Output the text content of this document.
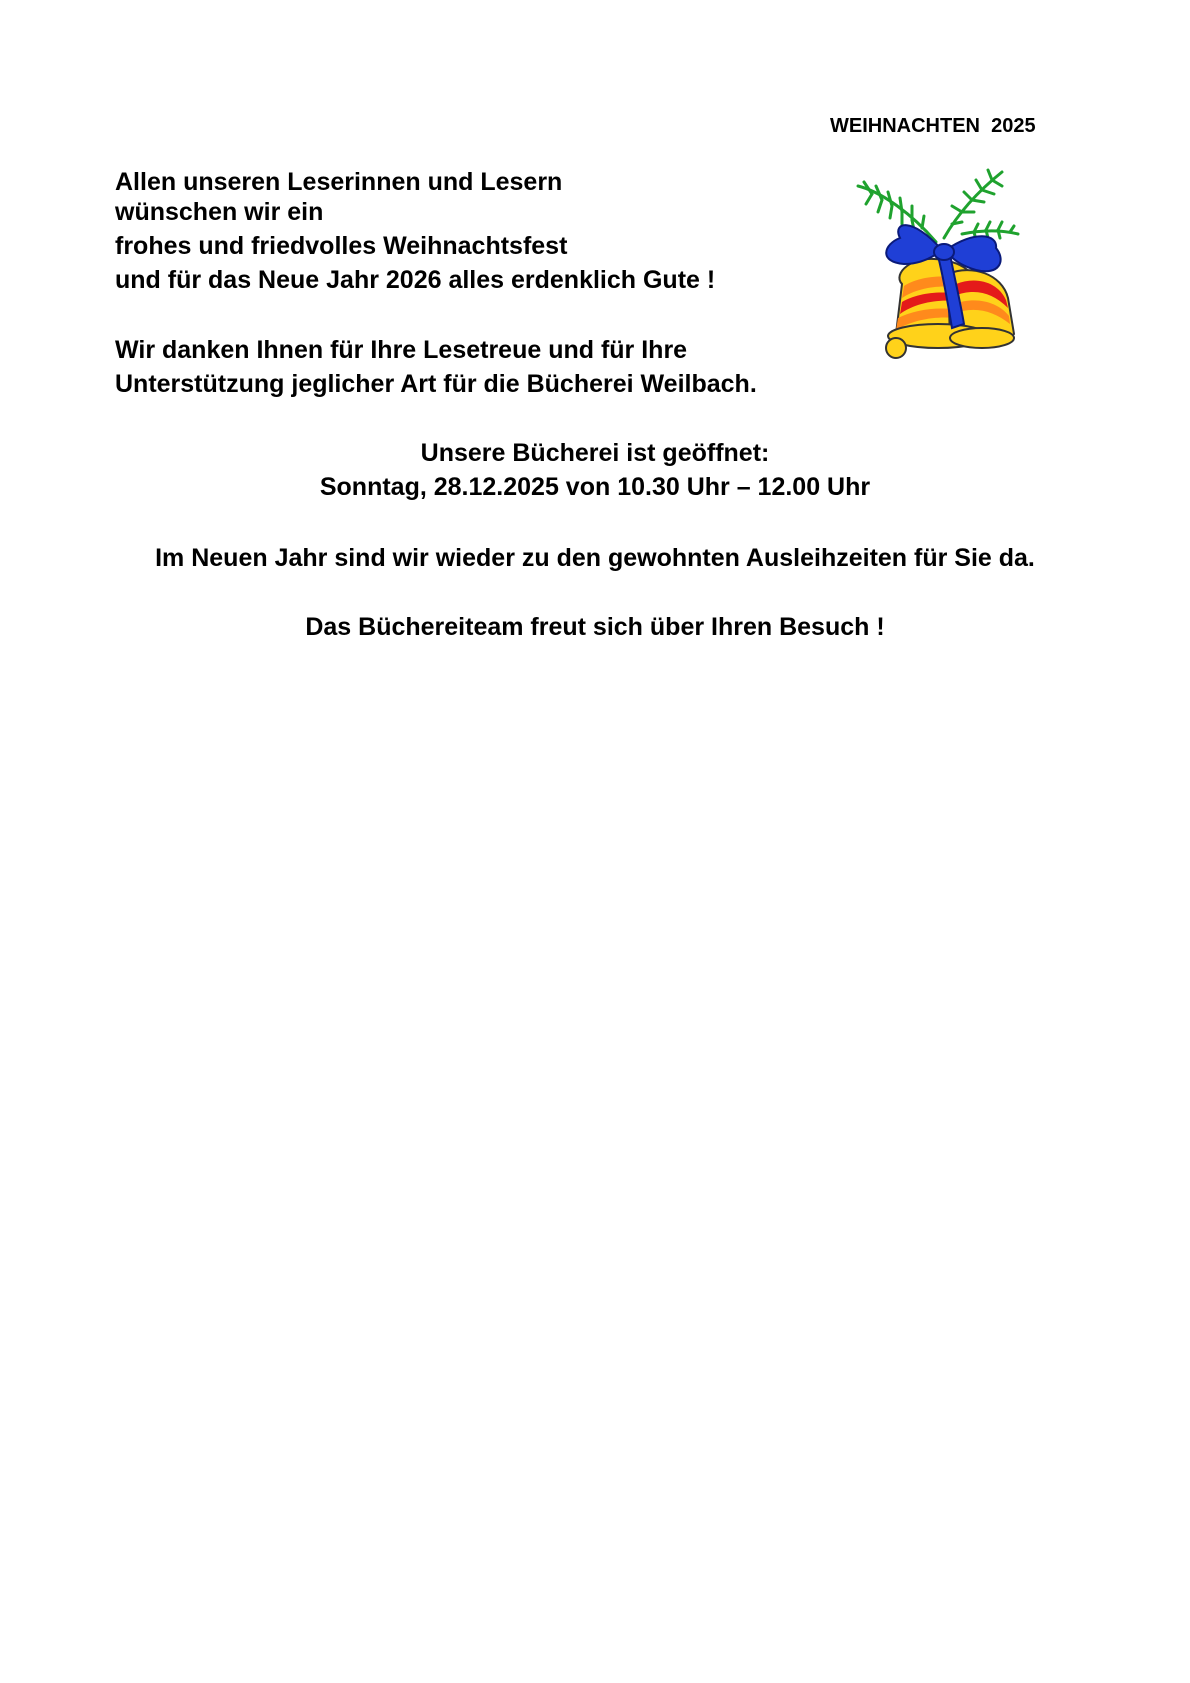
WEIHNACHTEN  2025
Allen unseren Leserinnen und Lesern
wünschen wir ein
frohes und friedvolles Weihnachtsfest
und für das Neue Jahr 2026 alles erdenklich Gute !
Wir danken Ihnen für Ihre Lesetreue und für Ihre
Unterstützung jeglicher Art für die Bücherei Weilbach.
Unsere Bücherei ist geöffnet:
Sonntag, 28.12.2025 von 10.30 Uhr – 12.00 Uhr
Im Neuen Jahr sind wir wieder zu den gewohnten Ausleihzeiten für Sie da.
Das Büchereiteam freut sich über Ihren Besuch !
